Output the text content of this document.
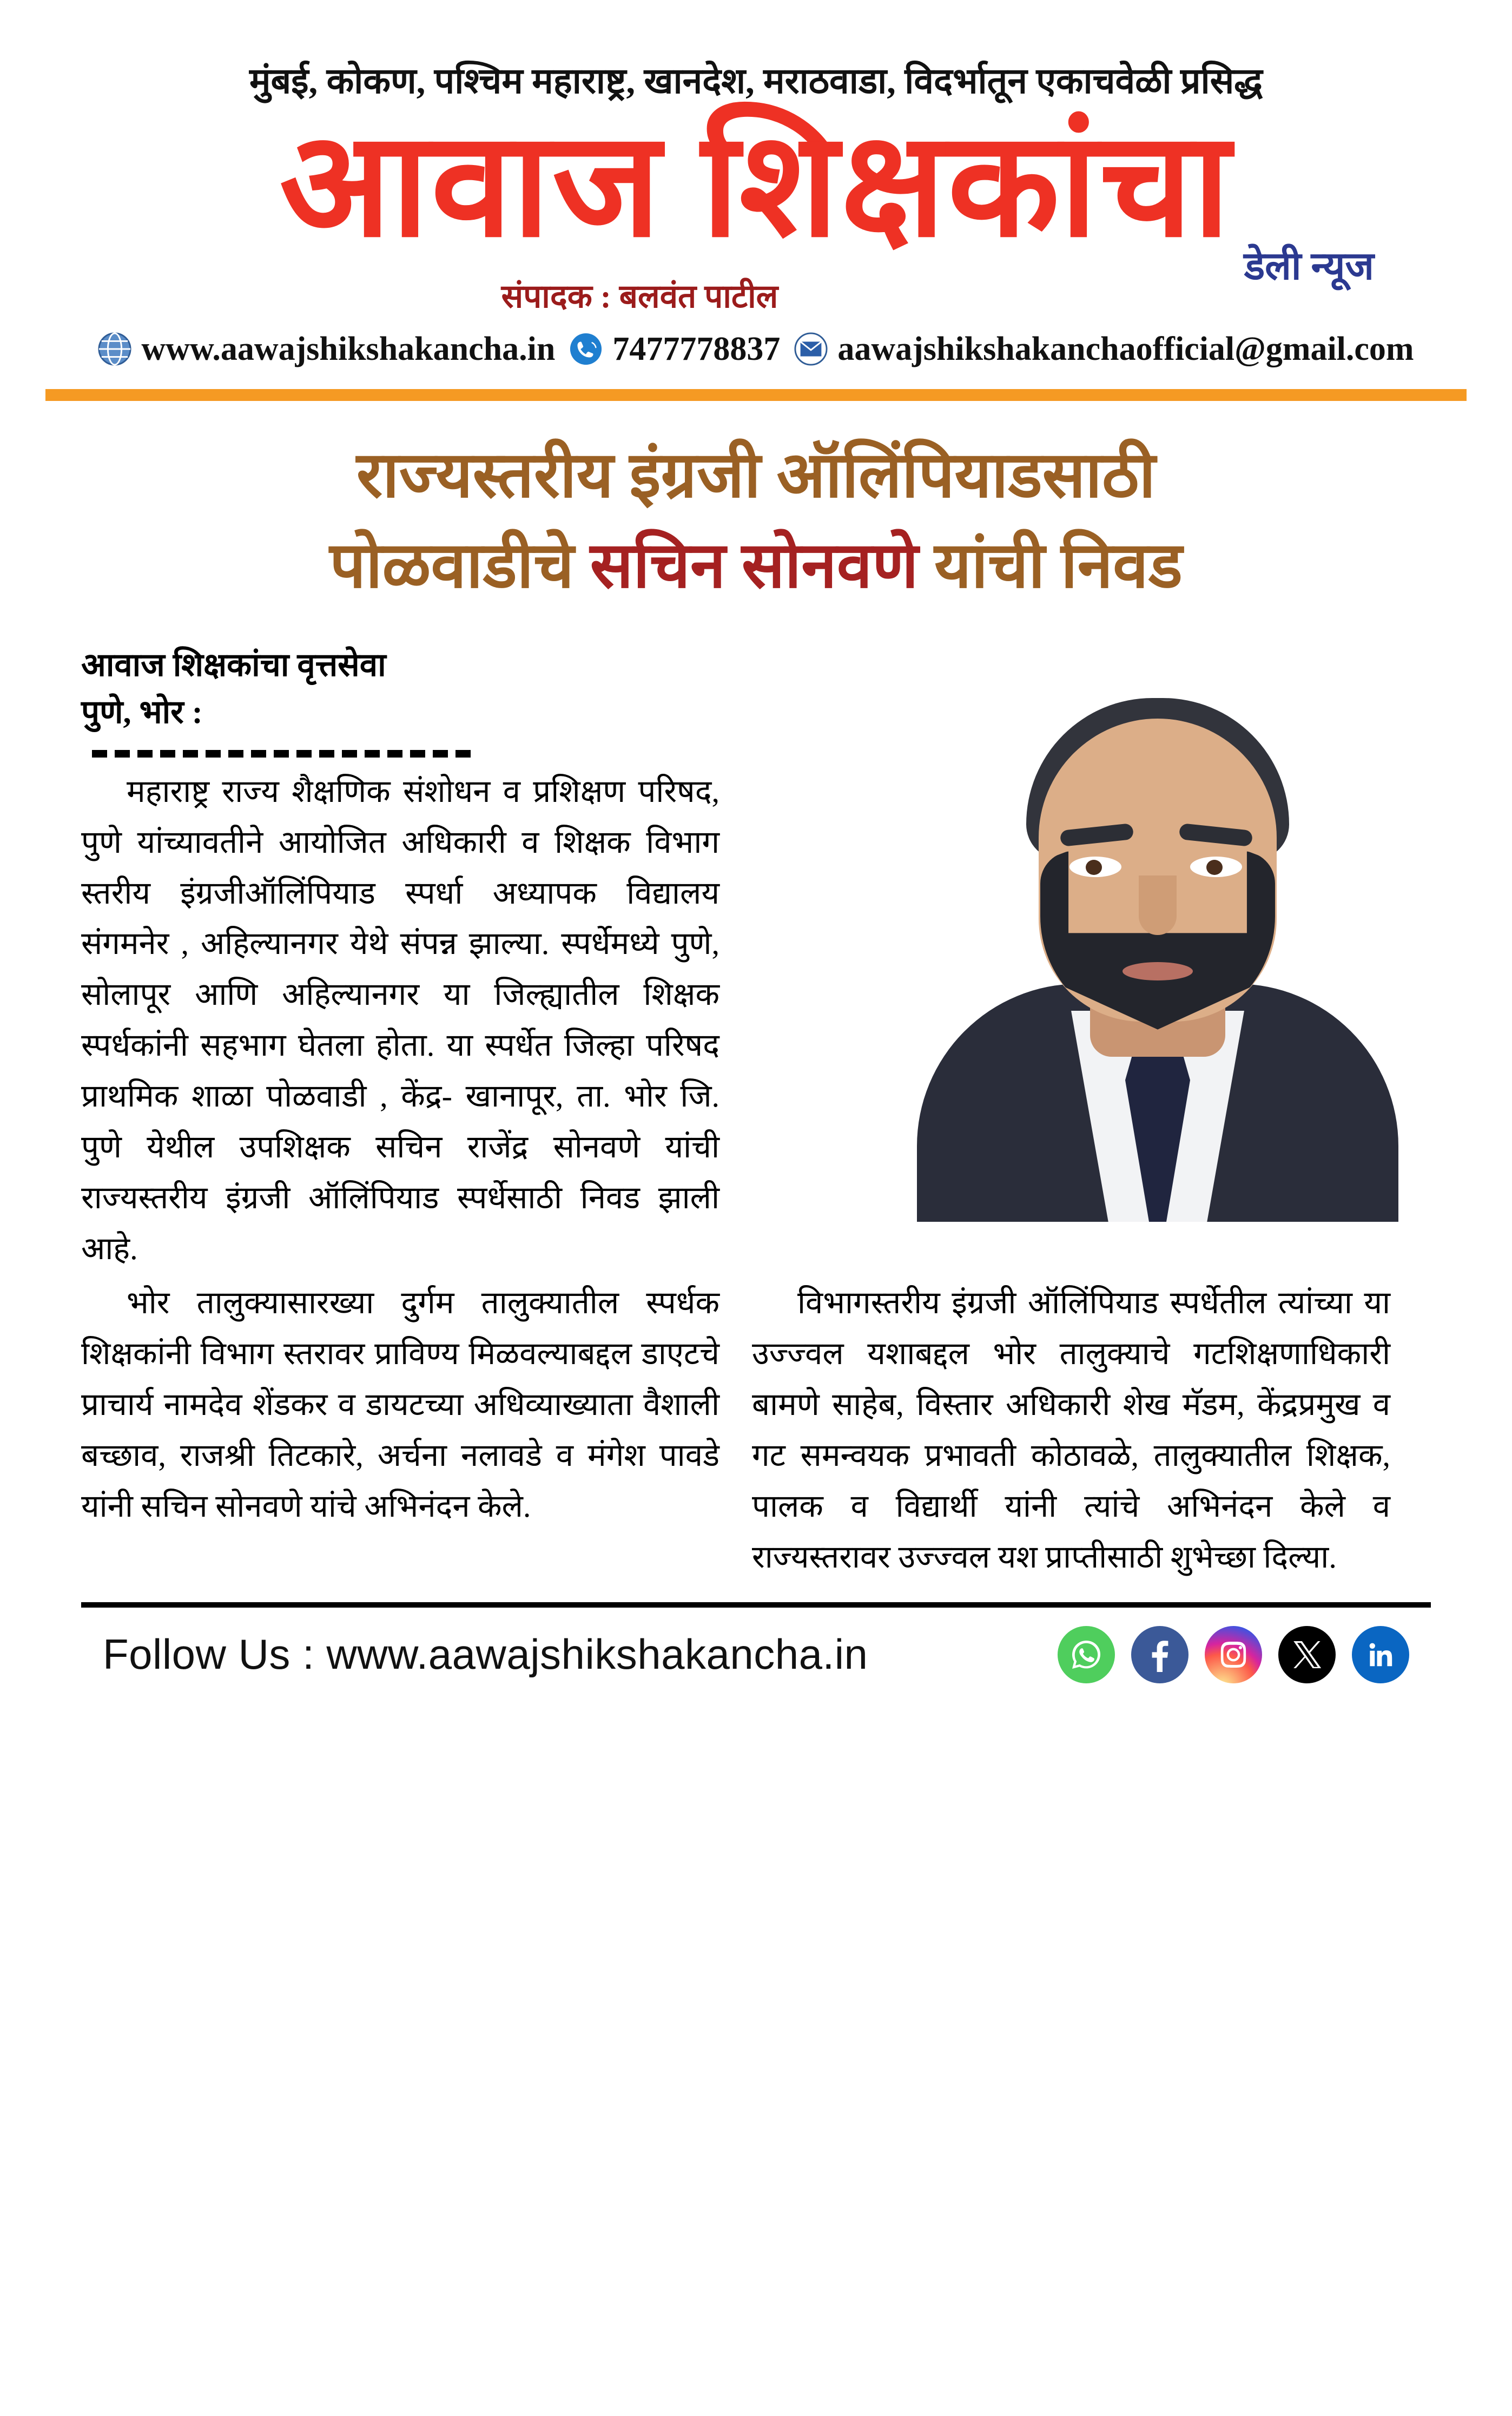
मुंबई, कोकण, पश्चिम महाराष्ट्र, खानदेश, मराठवाडा, विदर्भातून एकाचवेळी प्रसिद्ध
आवाज शिक्षकांचा
संपादक : बलवंत पाटील
डेली न्यूज
www.aawajshikshakancha.in 7477778837 aawajshikshakanchaofficial@gmail.com
राज्यस्तरीय इंग्रजी ऑलिंपियाडसाठी
पोळवाडीचे सचिन सोनवणे यांची निवड
आवाज शिक्षकांचा वृत्तसेवा
पुणे, भोर :

महाराष्ट्र राज्य शैक्षणिक संशोधन व प्रशिक्षण परिषद, पुणे यांच्यावतीने आयोजित अधिकारी व शिक्षक विभाग स्तरीय इंग्रजीऑलिंपियाड स्पर्धा अध्यापक विद्यालय संगमनेर , अहिल्यानगर येथे संपन्न झाल्या. स्पर्धेमध्ये पुणे, सोलापूर आणि अहिल्यानगर या जिल्ह्यातील शिक्षक स्पर्धकांनी सहभाग घेतला होता. या स्पर्धेत जिल्हा परिषद प्राथमिक शाळा पोळवाडी , केंद्र- खानापूर, ता. भोर जि. पुणे येथील उपशिक्षक सचिन राजेंद्र सोनवणे यांची राज्यस्तरीय इंग्रजी ऑलिंपियाड स्पर्धेसाठी निवड झाली आहे.

भोर तालुक्यासारख्या दुर्गम तालुक्यातील स्पर्धक शिक्षकांनी विभाग स्तरावर प्राविण्य मिळवल्याबद्दल डाएटचे प्राचार्य नामदेव शेंडकर व डायटच्या अधिव्याख्याता वैशाली बच्छाव, राजश्री तिटकारे, अर्चना नलावडे व मंगेश पावडे यांनी सचिन सोनवणे यांचे अभिनंदन केले.

विभागस्तरीय इंग्रजी ऑलिंपियाड स्पर्धेतील त्यांच्या या उज्ज्वल यशाबद्दल भोर तालुक्याचे गटशिक्षणाधिकारी बामणे साहेब, विस्तार अधिकारी शेख मॅडम, केंद्रप्रमुख व गट समन्वयक प्रभावती कोठावळे, तालुक्यातील शिक्षक, पालक व विद्यार्थी यांनी त्यांचे अभिनंदन केले व राज्यस्तरावर उज्ज्वल यश प्राप्तीसाठी शुभेच्छा दिल्या.

Follow Us : www.aawajshikshakancha.in
